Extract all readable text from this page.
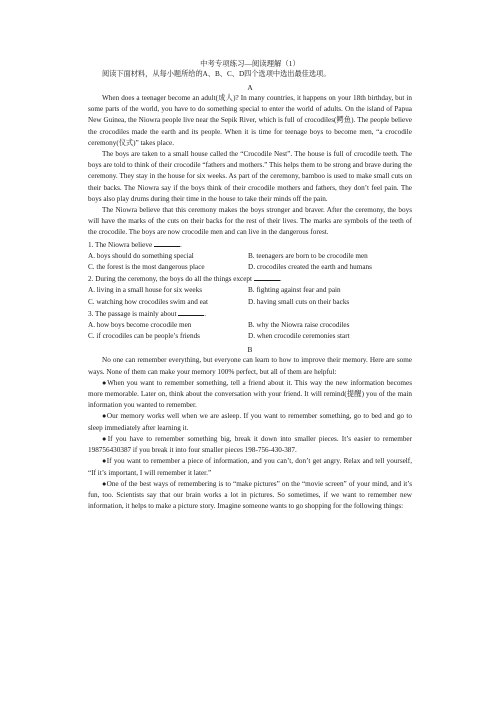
中考专项练习—阅读理解（1）
阅读下面材料，从每小题所给的A、B、C、D四个选项中选出最佳选项。
A

When does a teenager become an adult(成人)? In many countries, it happens on your 18th birthday, but in some parts of the world, you have to do something special to enter the world of adults. On the island of Papua New Guinea, the Niowra people live near the Sepik River, which is full of crocodiles(鳄鱼). The people believe the crocodiles made the earth and its people. When it is time for teenage boys to become men, “a crocodile ceremony(仪式)” takes place.

The boys are taken to a small house called the “Crocodile Nest”. The house is full of crocodile teeth. The boys are told to think of their crocodile “fathers and mothers.” This helps them to be strong and brave during the ceremony. They stay in the house for six weeks. As part of the ceremony, bamboo is used to make small cuts on their backs. The Niowra say if the boys think of their crocodile mothers and fathers, they don’t feel pain. The boys also play drums during their time in the house to take their minds off the pain.

The Niowra believe that this ceremony makes the boys stronger and braver. After the ceremony, the boys will have the marks of the cuts on their backs for the rest of their lives. The marks are symbols of the teeth of the crocodile. The boys are now crocodile men and can live in the dangerous forest.

1. The Niowra believe	.
A. boys should do something special	B. teenagers are born to be crocodile men
C. the forest is the most dangerous place	D. crocodiles created the earth and humans
2. During the ceremony, the boys do all the things except	.
A. living in a small house for six weeks	B. fighting against fear and pain
C. watching how crocodiles swim and eat	D. having small cuts on their backs
3. The passage is mainly about	.
A. how boys become crocodile men	B. why the Niowra raise crocodiles
C. if crocodiles can be people’s friends	D. when crocodile ceremonies start
B

No one can remember everything, but everyone can learn to how to improve their memory. Here are some ways. None of them can make your memory 100% perfect, but all of them are helpful:

●When you want to remember something, tell a friend about it. This way the new information becomes more memorable. Later on, think about the conversation with your friend. It will remind(提醒) you of the main information you wanted to remember.

●Our memory works well when we are asleep. If you want to remember something, go to bed and go to sleep immediately after learning it.

●If you have to remember something big, break it down into smaller pieces. It’s easier to remember 198756430387 if you break it into four smaller pieces 198-756-430-387.

●If you want to remember a piece of information, and you can’t, don’t get angry. Relax and tell yourself, “If it’s important, I will remember it later.”

●One of the best ways of remembering is to “make pictures” on the “movie screen” of your mind, and it’s fun, too. Scientists say that our brain works a lot in pictures. So sometimes, if we want to remember new information, it helps to make a picture story. Imagine someone wants to go shopping for the following things:
